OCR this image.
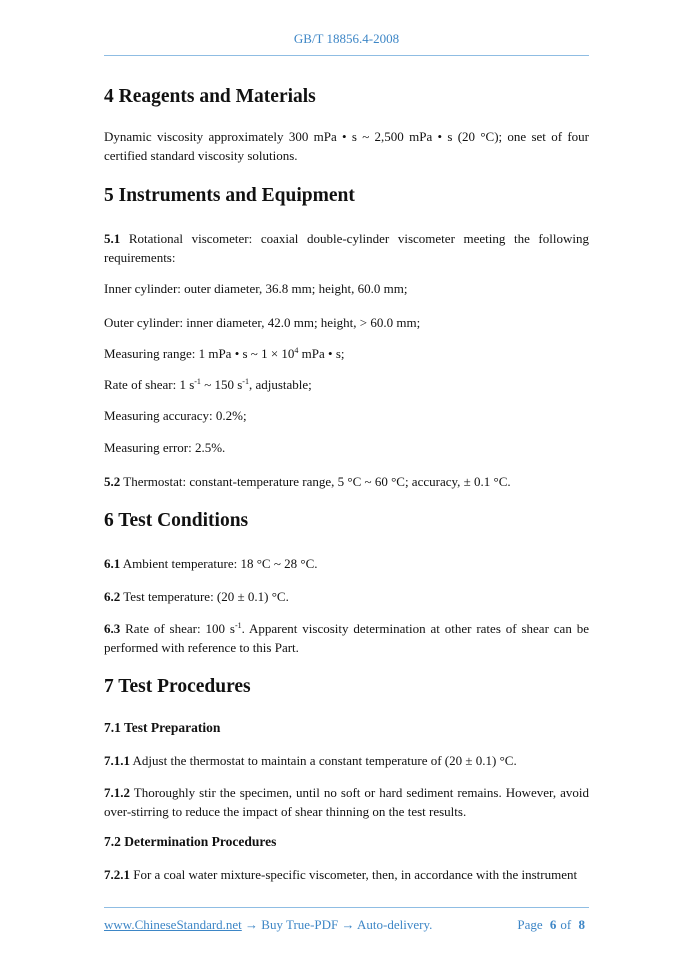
GB/T 18856.4-2008
4 Reagents and Materials

Dynamic viscosity approximately 300 mPa • s ~ 2,500 mPa • s (20 °C); one set of four certified standard viscosity solutions.

5 Instruments and Equipment

5.1 Rotational viscometer: coaxial double-cylinder viscometer meeting the following requirements:

Inner cylinder: outer diameter, 36.8 mm; height, 60.0 mm;

Outer cylinder: inner diameter, 42.0 mm; height, > 60.0 mm;

Measuring range: 1 mPa • s ~ $1 \times 10^4$ mPa • s;

Rate of shear: 1 $s^{-1}$ ~ 150 $s^{-1}$, adjustable;

Measuring accuracy: 0.2%;

Measuring error: 2.5%.

5.2 Thermostat: constant-temperature range, 5 °C ~ 60 °C; accuracy, ± 0.1 °C.

6 Test Conditions

6.1 Ambient temperature: 18 °C ~ 28 °C.

6.2 Test temperature: (20 ± 0.1) °C.

6.3 Rate of shear: 100 $s^{-1}$. Apparent viscosity determination at other rates of shear can be performed with reference to this Part.

7 Test Procedures
7.1 Test Preparation

7.1.1 Adjust the thermostat to maintain a constant temperature of (20 ± 0.1) °C.

7.1.2 Thoroughly stir the specimen, until no soft or hard sediment remains. However, avoid over-stirring to reduce the impact of shear thinning on the test results.

7.2 Determination Procedures

7.2.1 For a coal water mixture-specific viscometer, then, in accordance with the instrument

www.ChineseStandard.net → Buy True-PDF → Auto-delivery.	Page 6 of 8
